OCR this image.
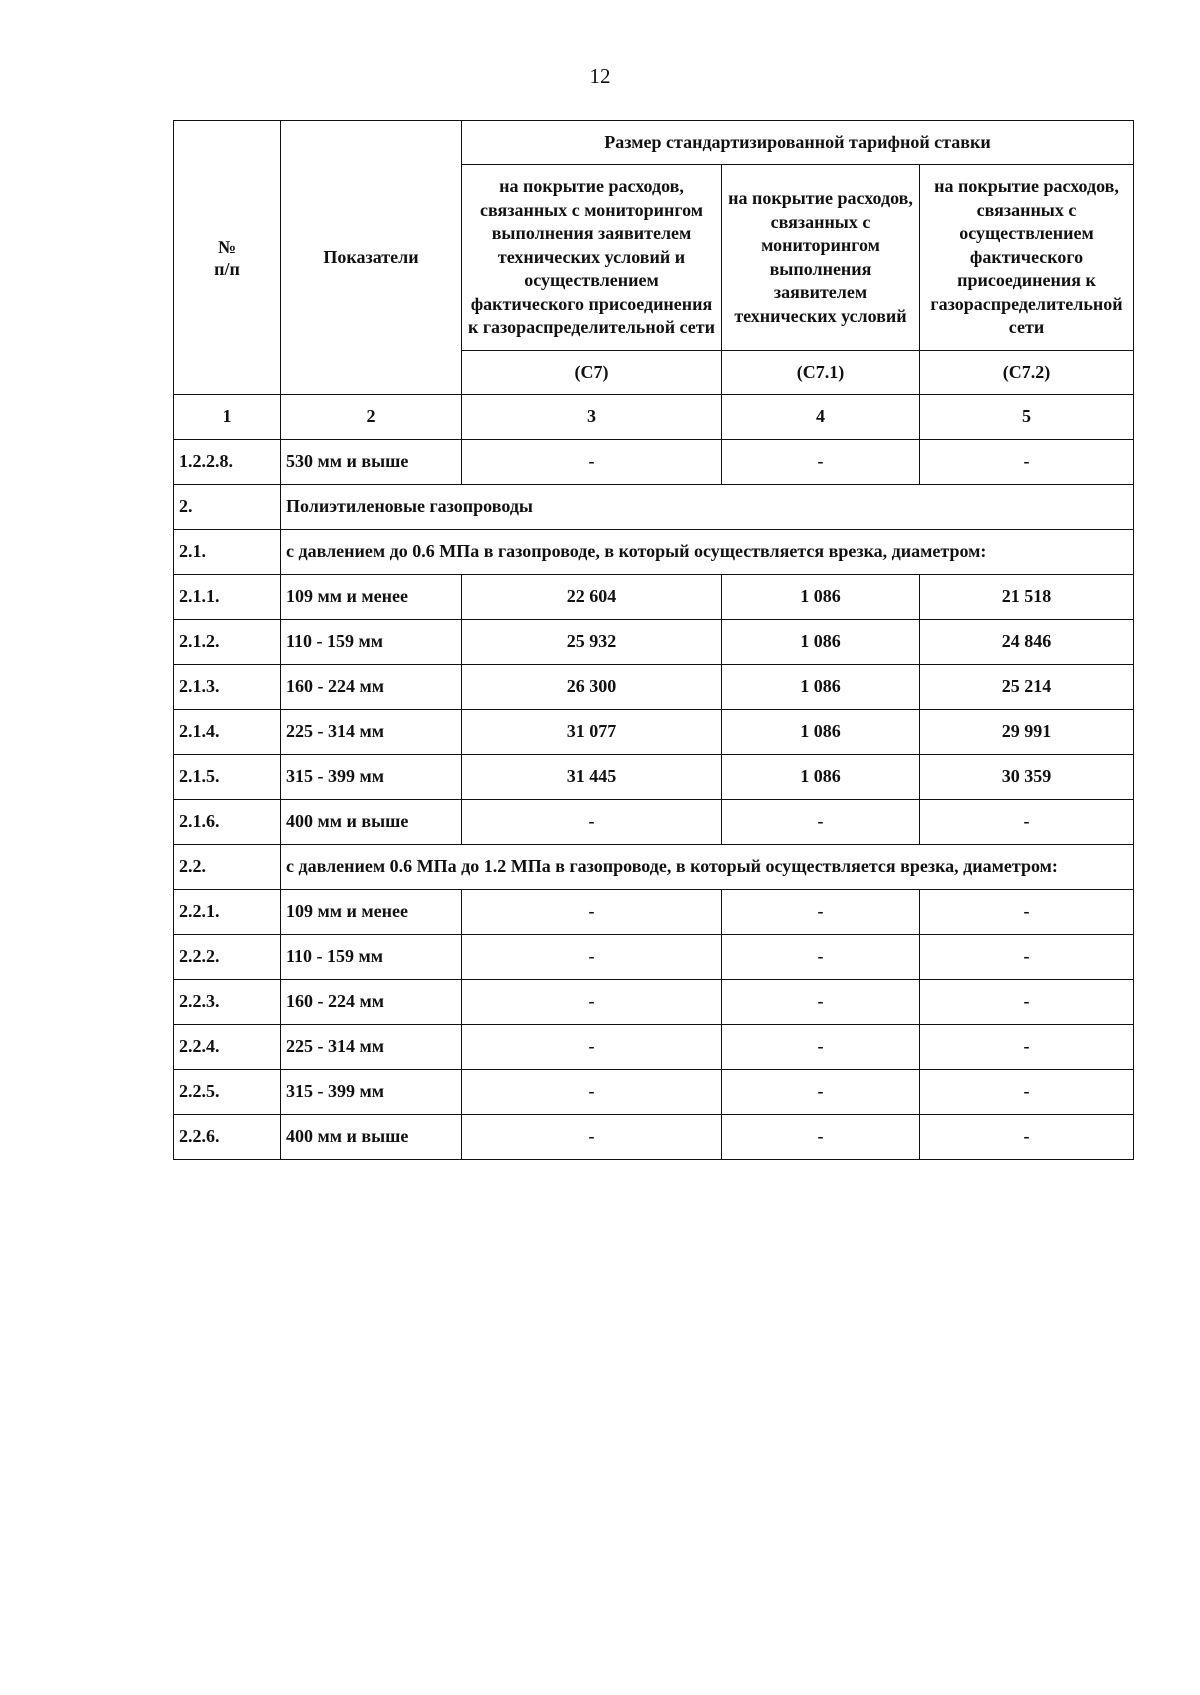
12
№
п/п	Показатели	Размер стандартизированной тарифной ставки		
		на покрытие расходов, связанных с мониторингом выполнения заявителем технических условий и осуществлением фактического присоединения к газораспределительной сети	на покрытие расходов, связанных с мониторингом выполнения заявителем технических условий	на покрытие расходов, связанных с осуществлением фактического присоединения к газораспределительной сети
		(С7)	(С7.1)	(С7.2)
1	2	3	4	5
1.2.2.8.	530 мм и выше	-	-	-
2.	Полиэтиленовые газопроводы			
2.1.	с давлением до 0.6 МПа в газопроводе, в который осуществляется врезка, диаметром:			
2.1.1.	109 мм и менее	22 604	1 086	21 518
2.1.2.	110 - 159 мм	25 932	1 086	24 846
2.1.3.	160 - 224 мм	26 300	1 086	25 214
2.1.4.	225 - 314 мм	31 077	1 086	29 991
2.1.5.	315 - 399 мм	31 445	1 086	30 359
2.1.6.	400 мм и выше	-	-	-
2.2.	с давлением 0.6 МПа до 1.2 МПа в газопроводе, в который осуществляется врезка, диаметром:			
2.2.1.	109 мм и менее	-	-	-
2.2.2.	110 - 159 мм	-	-	-
2.2.3.	160 - 224 мм	-	-	-
2.2.4.	225 - 314 мм	-	-	-
2.2.5.	315 - 399 мм	-	-	-
2.2.6.	400 мм и выше	-	-	-
